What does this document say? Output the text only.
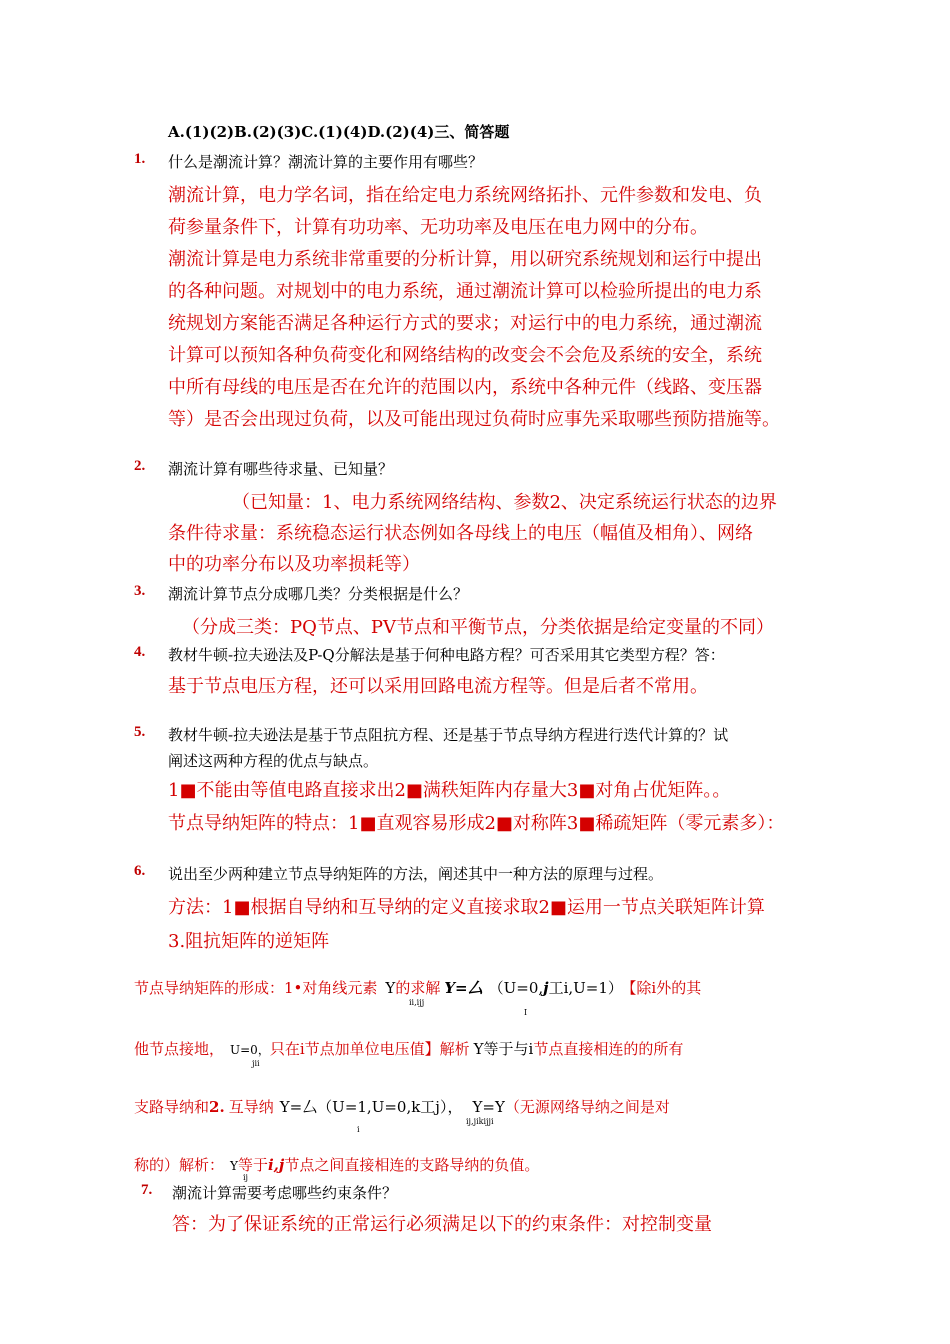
A.(1)(2)B.(2)(3)C.(1)(4)D.(2)(4)三、简答题
1. 什么是潮流计算？潮流计算的主要作用有哪些？
潮流计算，电力学名词，指在给定电力系统网络拓扑、元件参数和发电、负
荷参量条件下，计算有功功率、无功功率及电压在电力网中的分布。
潮流计算是电力系统非常重要的分析计算，用以研究系统规划和运行中提出
的各种问题。对规划中的电力系统，通过潮流计算可以检验所提出的电力系
统规划方案能否满足各种运行方式的要求；对运行中的电力系统，通过潮流
计算可以预知各种负荷变化和网络结构的改变会不会危及系统的安全，系统
中所有母线的电压是否在允许的范围以内，系统中各种元件（线路、变压器
等）是否会出现过负荷，以及可能出现过负荷时应事先采取哪些预防措施等。
2. 潮流计算有哪些待求量、已知量？
（已知量：1、电力系统网络结构、参数2、决定系统运行状态的边界
条件待求量：系统稳态运行状态例如各母线上的电压（幅值及相角）、网络
中的功率分布以及功率损耗等）
3. 潮流计算节点分成哪几类？分类根据是什么？
（分成三类：PQ节点、PV节点和平衡节点，分类依据是给定变量的不同）
4. 教材牛顿-拉夫逊法及P-Q分解法是基于何种电路方程？可否采用其它类型方程？答：
基于节点电压方程，还可以采用回路电流方程等。但是后者不常用。
5. 教材牛顿-拉夫逊法是基于节点阻抗方程、还是基于节点导纳方程进行迭代计算的？试
阐述这两种方程的优点与缺点。
1■不能由等值电路直接求出2■满秩矩阵内存量大3■对角占优矩阵。。
节点导纳矩阵的特点：1■直观容易形成2■对称阵3■稀疏矩阵（零元素多）：
6. 说出至少两种建立节点导纳矩阵的方法，阐述其中一种方法的原理与过程。
方法：1■根据自导纳和互导纳的定义直接求取2■运用一节点关联矩阵计算
3.阻抗矩阵的逆矩阵
节点导纳矩阵的形成：1•对角线元素 Y的求解 Y=厶 （U=0,j工i,U=1） 【除i外的其
ii,ijj
I
他节点接地， U=0，只在i节点加单位电压值】解析 Y等于与i节点直接相连的的所有
jii
支路导纳和2. 互导纳 Y=厶（U=1,U=0,k工j）， Y=Y（无源网络导纳之间是对
i
ij,jikijji
称的）解析： Y等于i,j节点之间直接相连的支路导纳的负值。
ij
7. 潮流计算需要考虑哪些约束条件？
答：为了保证系统的正常运行必须满足以下的约束条件：对控制变量
